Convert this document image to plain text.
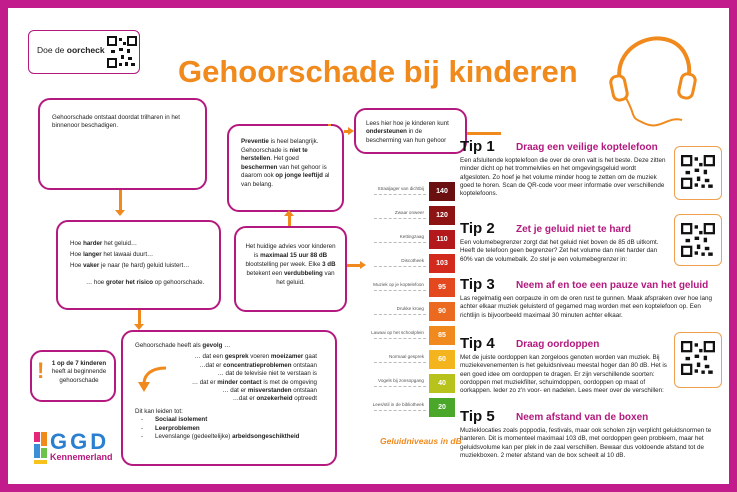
Doe de oorcheck
Gehoorschade bij kinderen
Gehoorschade ontstaat doordat trilharen in het binnenoor beschadigen.
Hoe harder het geluid…
Hoe langer het lawaai duurt…
Hoe vaker je naar (te hard) geluid luistert…
… hoe groter het risico op gehoorschade.
Preventie is heel belangrijk. Gehoorschade is niet te herstellen. Het goed beschermen van het gehoor is daarom ook op jonge leeftijd al van belang.
Lees hier hoe je kinderen kunt ondersteunen in de bescherming van hun gehoor
Het huidige advies voor kinderen is maximaal 15 uur 88 dB blootstelling per week. Elke 3 dB betekent een verdubbeling van het geluid.
Gehoorschade heeft als gevolg …
… dat een gesprek voeren moeizamer gaat
…dat er concentratieproblemen ontstaan
… dat de televisie niet te verstaan is
… dat er minder contact is met de omgeving
… dat er misverstanden ontstaan
…dat er onzekerheid optreedt
Dit kan leiden tot:
- Sociaal isolement
- Leerproblemen
- Levenslange (gedeeltelijke) arbeidsongeschiktheid
! 1 op de 7 kinderen heeft al beginnende gehoorschade
GGD
Kennemerland
Geluidniveaus in dB
Straaljager van dichtbij	140
Zwaar onweer	120
Kettingzaag	110
Discotheek	103
Muziek op je koptelefoon	95
Drukke kroeg	90
Lawaai op het schoolplein	85
Normaal gesprek	60
Vogels bij zonsopgang	40
Lees/stil in de bibliotheek	20
Tip 1 Draag een veilige koptelefoon
Een afsluitende koptelefoon die over de oren valt is het beste. Deze zitten minder dicht op het trommelvlies en het omgevingsgeluid wordt afgesloten. Zo hoef je het volume minder hoog te zetten om de muziek goed te horen. Scan de QR-code voor meer informatie over verschillende koptelefoons.
Tip 2 Zet je geluid niet te hard
Een volumebegrenzer zorgt dat het geluid niet boven de 85 dB uitkomt. Heeft de telefoon geen begrenzer? Zet het volume dan niet harder dan 60% van de volumebalk. Zo stel je een volumebegrenzer in:
Tip 3 Neem af en toe een pauze van het geluid
Las regelmatig een oorpauze in om de oren rust te gunnen. Maak afspraken over hoe lang achter elkaar muziek geluisterd of gegamed mag worden met een koptelefoon op. Een richtlijn is bijvoorbeeld maximaal 30 minuten achter elkaar.
Tip 4 Draag oordoppen
Met de juiste oordoppen kan zorgeloos genoten worden van muziek. Bij muziekevenementen is het geluidsniveau meestal hoger dan 80 dB. Het is een goed idee om oordoppen te dragen. Er zijn verschillende soorten: oordoppen met muziekfilter, schuimdoppen, oordoppen op maat of oorkappen. Ieder zo z'n voor- en nadelen. Lees meer over de verschillen:
Tip 5 Neem afstand van de boxen
Muzieklocaties zoals poppodia, festivals, maar ook scholen zijn verplicht geluidsnormen te hanteren. Dit is momenteel maximaal 103 dB, met oordoppen geen probleem, maar het geluidsvolume kan per plek in de zaal verschillen. Bewaar dus voldoende afstand tot de muziekboxen. 2 meter afstand van de box scheelt al 10 dB.
